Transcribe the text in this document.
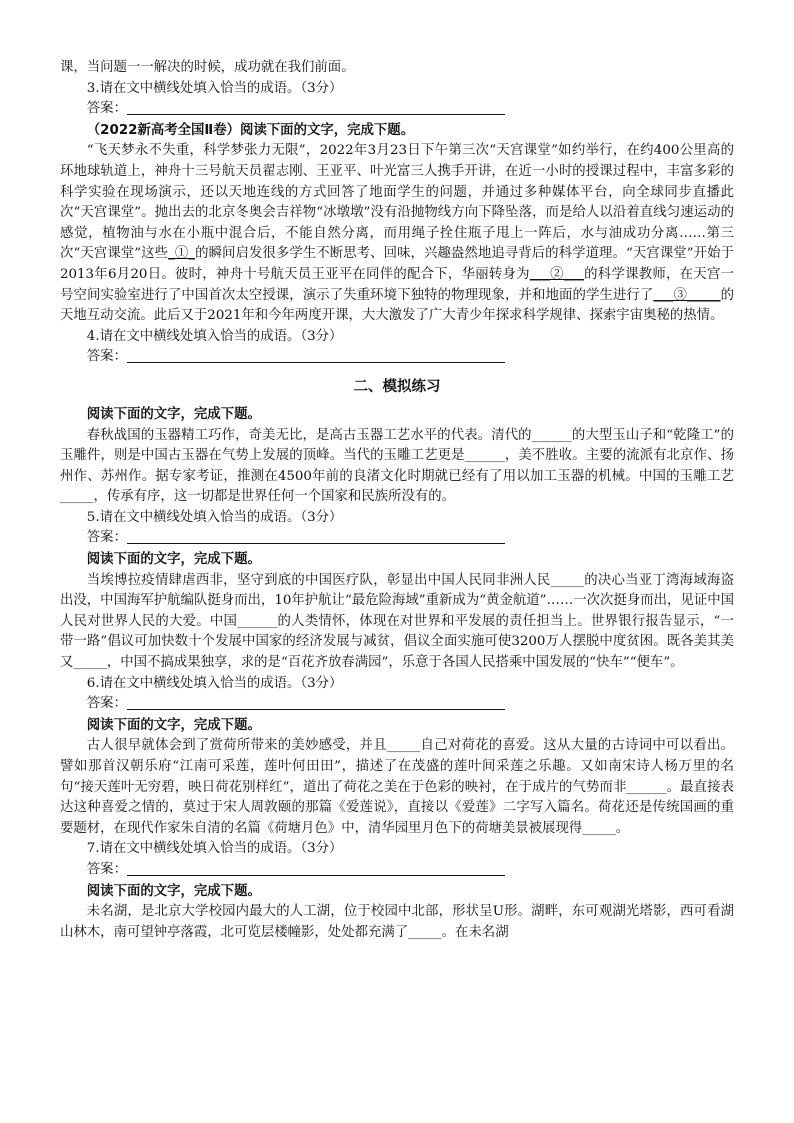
课，当问题一一解决的时候，成功就在我们前面。

3.请在文中横线处填入恰当的成语。（3分）

答案：

（2022新高考全国Ⅱ卷）阅读下面的文字，完成下题。

“飞天梦永不失重，科学梦张力无限”，2022年3月23日下午第三次“天宫课堂”如约举行，在约400公里高的环地球轨道上，神舟十三号航天员翟志刚、王亚平、叶光富三人携手开讲，在近一小时的授课过程中，丰富多彩的科学实验在现场演示，还以天地连线的方式回答了地面学生的问题，并通过多种媒体平台，向全球同步直播此次“天宫课堂”。抛出去的北京冬奥会吉祥物“冰墩墩”没有沿抛物线方向下降坠落，而是给人以沿着直线匀速运动的感觉，植物油与水在小瓶中混合后，不能自然分离，而用绳子拴住瓶子甩上一阵后，水与油成功分离……第三次“天宫课堂”这些_①_的瞬间启发很多学生不断思考、回味，兴趣盎然地追寻背后的科学道理。“天宫课堂”开始于2013年6月20日。彼时，神舟十号航天员王亚平在同伴的配合下，华丽转身为___②___的科学课教师，在天宫一号空间实验室进行了中国首次太空授课，演示了失重环境下独特的物理现象，并和地面的学生进行了___③_____的天地互动交流。此后又于2021年和今年两度开课，大大激发了广大青少年探求科学规律、探索宇宙奥秘的热情。

4.请在文中横线处填入恰当的成语。（3分）

答案：

二、模拟练习

阅读下面的文字，完成下题。

春秋战国的玉器精工巧作，奇美无比，是高古玉器工艺水平的代表。清代的______的大型玉山子和“乾隆工”的玉雕件，则是中国古玉器在气势上发展的顶峰。当代的玉雕工艺更是______，美不胜收。主要的流派有北京作、扬州作、苏州作。据专家考证，推测在4500年前的良渚文化时期就已经有了用以加工玉器的机械。中国的玉雕工艺_____，传承有序，这一切都是世界任何一个国家和民族所没有的。

5.请在文中横线处填入恰当的成语。（3分）

答案：

阅读下面的文字，完成下题。

当埃博拉疫情肆虐西非，坚守到底的中国医疗队，彰显出中国人民同非洲人民_____的决心当亚丁湾海域海盗出没，中国海军护航编队挺身而出，10年护航让“最危险海域”重新成为“黄金航道”……一次次挺身而出，见证中国人民对世界人民的大爱。中国______的人类情怀，体现在对世界和平发展的责任担当上。世界银行报告显示，“一带一路”倡议可加快数十个发展中国家的经济发展与减贫，倡议全面实施可使3200万人摆脱中度贫困。既各美其美又_____，中国不搞成果独享，求的是“百花齐放春满园”，乐意于各国人民搭乘中国发展的“快车”“便车”。

6.请在文中横线处填入恰当的成语。（3分）

答案：

阅读下面的文字，完成下题。

古人很早就体会到了赏荷所带来的美妙感受，并且_____自己对荷花的喜爱。这从大量的古诗词中可以看出。譬如那首汉朝乐府“江南可采莲，莲叶何田田”，描述了在茂盛的莲叶间采莲之乐趣。又如南宋诗人杨万里的名句“接天莲叶无穷碧，映日荷花别样红”，道出了荷花之美在于色彩的映衬，在于成片的气势而非______。最直接表达这种喜爱之情的，莫过于宋人周敦颐的那篇《爱莲说》，直接以《爱莲》二字写入篇名。荷花还是传统国画的重要题材，在现代作家朱自清的名篇《荷塘月色》中，清华园里月色下的荷塘美景被展现得_____。

7.请在文中横线处填入恰当的成语。（3分）

答案：

阅读下面的文字，完成下题。

未名湖，是北京大学校园内最大的人工湖，位于校园中北部，形状呈U形。湖畔，东可观湖光塔影，西可看湖山林木，南可望钟亭落霞，北可览层楼幢影，处处都充满了_____。在未名湖
